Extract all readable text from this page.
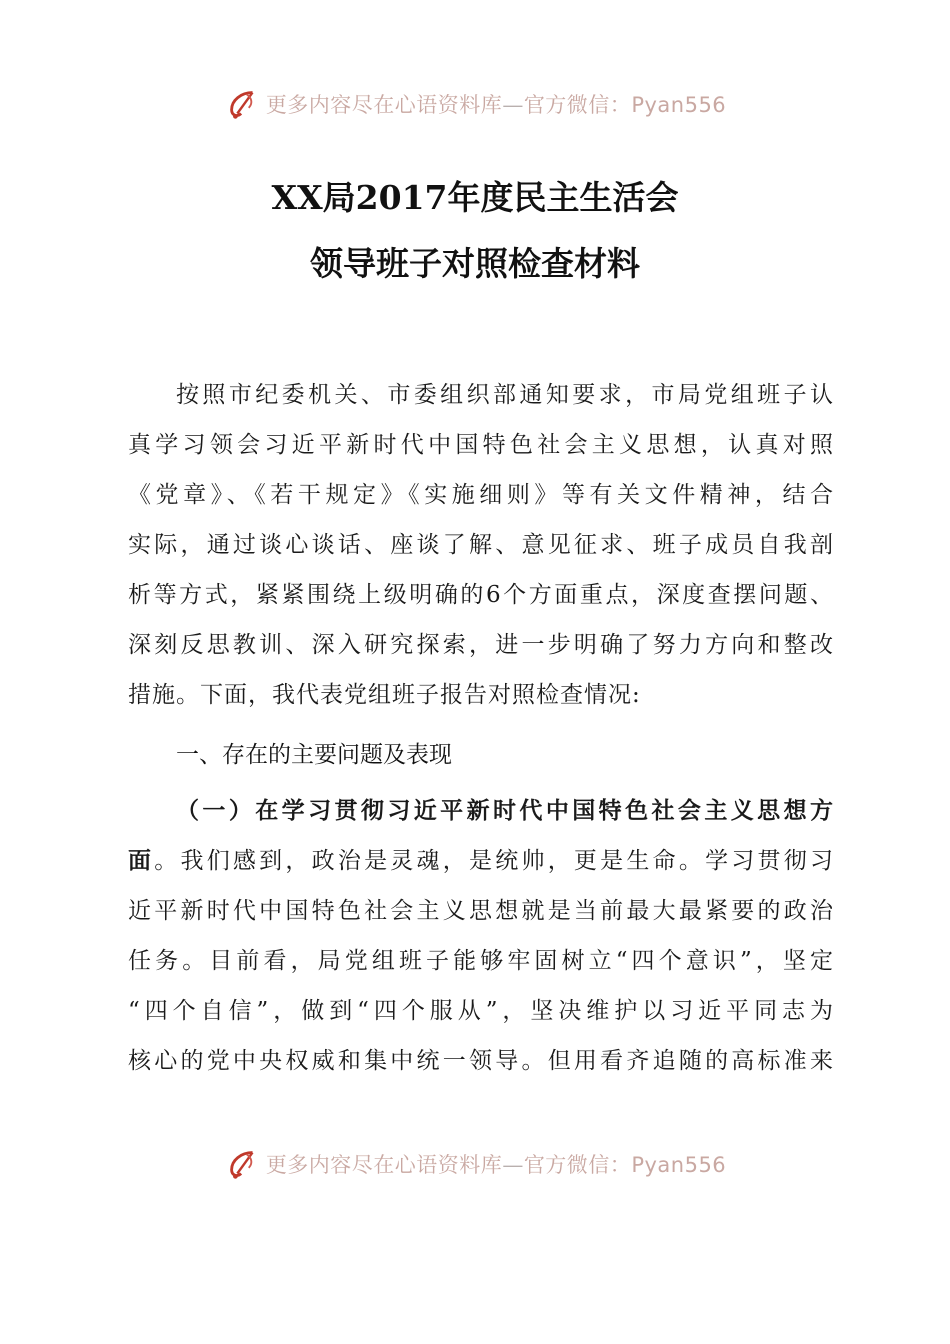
更多内容尽在心语资料库—官方微信：Pyan556
XX局2017年度民主生活会
领导班子对照检查材料
按照市纪委机关、市委组织部通知要求，市局党组班子认
真学习领会习近平新时代中国特色社会主义思想，认真对照
《党章》、《若干规定》《实施细则》等有关文件精神，结合
实际，通过谈心谈话、座谈了解、意见征求、班子成员自我剖
析等方式，紧紧围绕上级明确的6个方面重点，深度查摆问题、
深刻反思教训、深入研究探索，进一步明确了努力方向和整改
措施。下面，我代表党组班子报告对照检查情况:
一、存在的主要问题及表现
（一）在学习贯彻习近平新时代中国特色社会主义思想方
面。我们感到，政治是灵魂，是统帅，更是生命。学习贯彻习
近平新时代中国特色社会主义思想就是当前最大最紧要的政治
任务。目前看，局党组班子能够牢固树立“四个意识”，坚定
“四个自信”，做到“四个服从”，坚决维护以习近平同志为
核心的党中央权威和集中统一领导。但用看齐追随的高标准来
更多内容尽在心语资料库—官方微信：Pyan556
